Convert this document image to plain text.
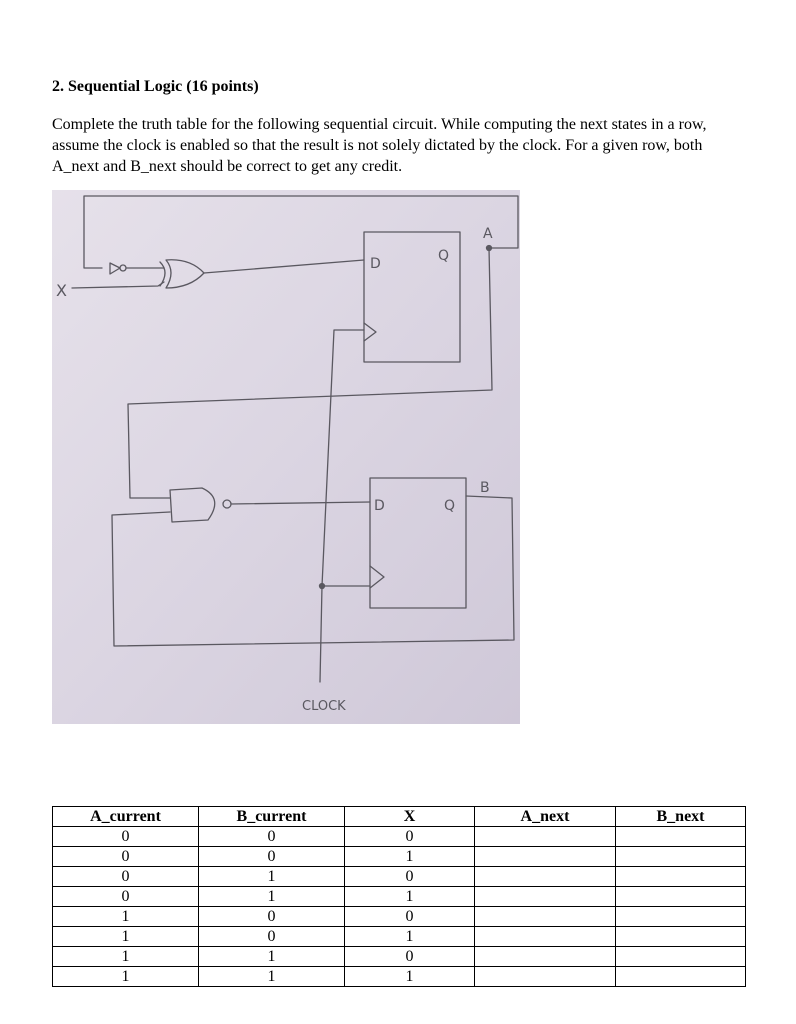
2. Sequential Logic (16 points)

Complete the truth table for the following sequential circuit. While computing the next states in a row, assume the clock is enabled so that the result is not solely dictated by the clock. For a given row, both A_next and B_next should be correct to get any credit.

X
D	Q
A
D	Q
B
CLOCK
A_current	B_current	X	A_next	B_next
0	0	0		
0	0	1		
0	1	0		
0	1	1		
1	0	0		
1	0	1		
1	1	0		
1	1	1		
